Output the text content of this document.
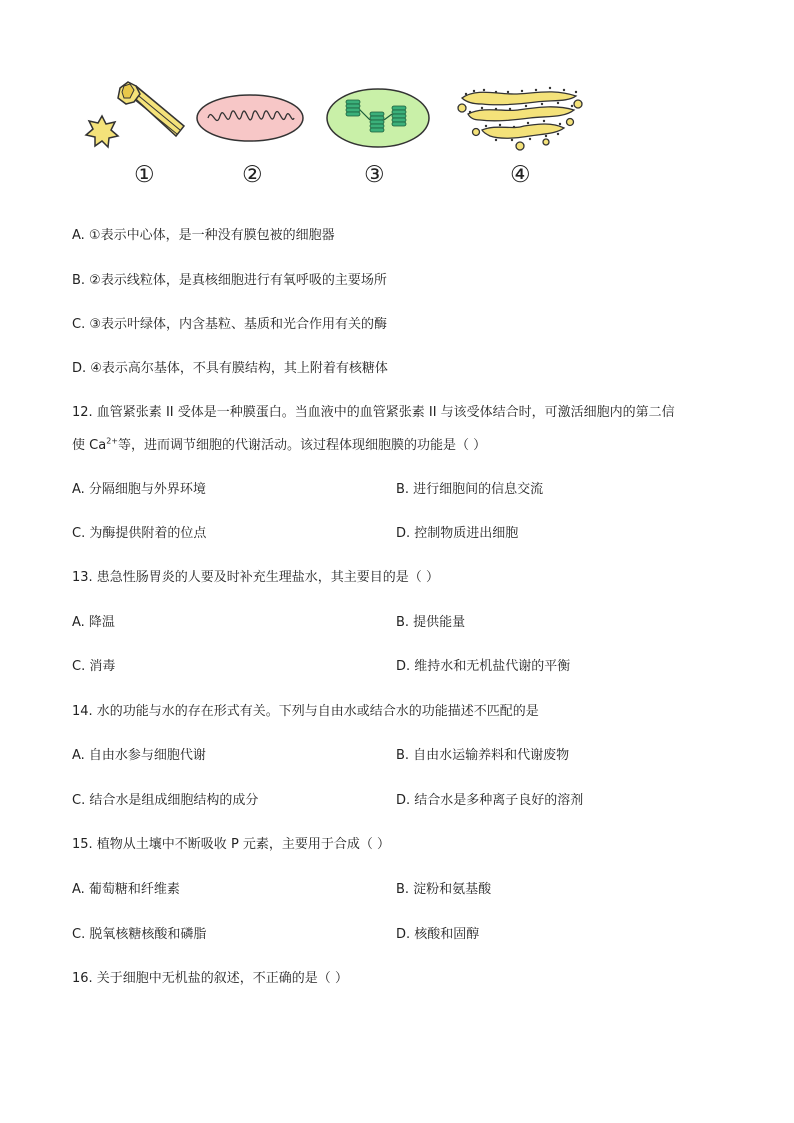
①	②	③	④
A. ①表示中心体，是一种没有膜包被的细胞器
B. ②表示线粒体，是真核细胞进行有氧呼吸的主要场所
C. ③表示叶绿体，内含基粒、基质和光合作用有关的酶
D. ④表示高尔基体，不具有膜结构，其上附着有核糖体
12. 血管紧张素 II 受体是一种膜蛋白。当血液中的血管紧张素 II 与该受体结合时，可激活细胞内的第二信
使 $Ca^{2+}$等，进而调节细胞的代谢活动。该过程体现细胞膜的功能是（ ）
A. 分隔细胞与外界环境	B. 进行细胞间的信息交流
C. 为酶提供附着的位点	D. 控制物质进出细胞
13. 患急性肠胃炎的人要及时补充生理盐水，其主要目的是（ ）
A. 降温	B. 提供能量
C. 消毒	D. 维持水和无机盐代谢的平衡
14. 水的功能与水的存在形式有关。下列与自由水或结合水的功能描述不匹配的是
A. 自由水参与细胞代谢	B. 自由水运输养料和代谢废物
C. 结合水是组成细胞结构的成分	D. 结合水是多种离子良好的溶剂
15. 植物从土壤中不断吸收 P 元素，主要用于合成（ ）
A. 葡萄糖和纤维素	B. 淀粉和氨基酸
C. 脱氧核糖核酸和磷脂	D. 核酸和固醇
16. 关于细胞中无机盐的叙述，不正确的是（ ）
